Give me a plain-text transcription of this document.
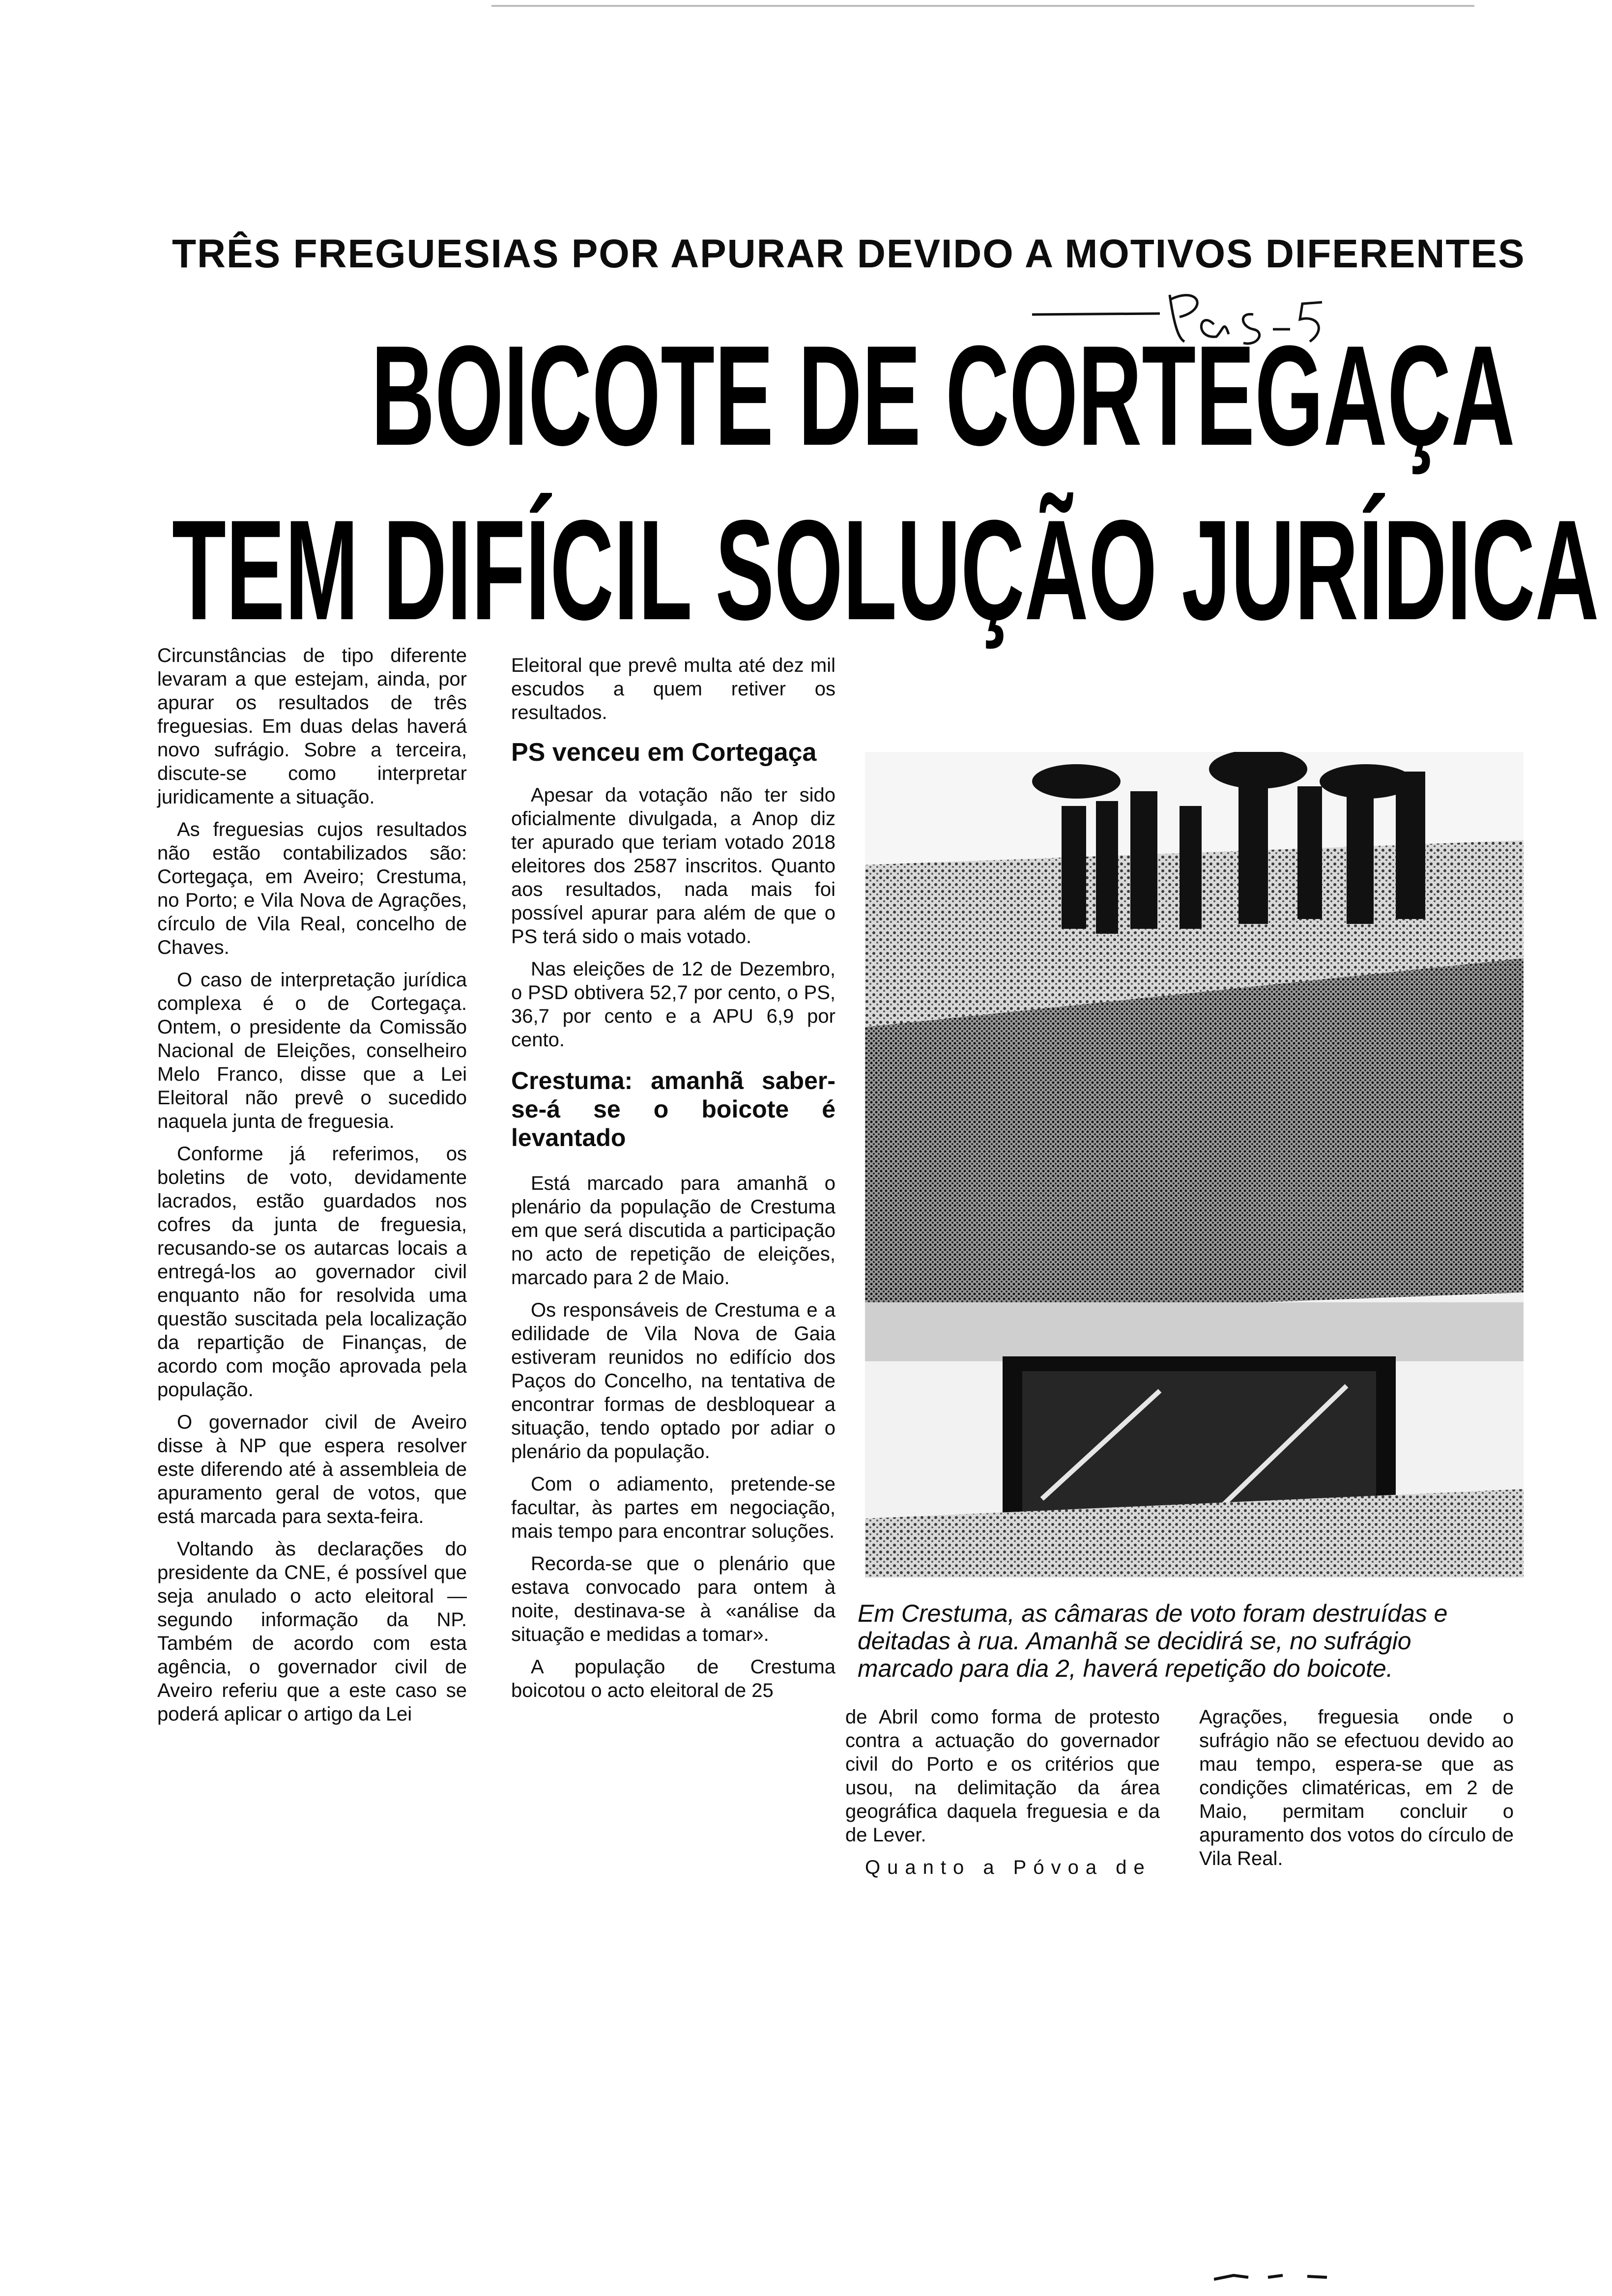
TRÊS FREGUESIAS POR APURAR DEVIDO A MOTIVOS DIFERENTES
BOICOTE DE CORTEGAÇA
TEM DIFÍCIL SOLUÇÃO JURÍDICA

Circunstâncias de tipo diferente levaram a que estejam, ainda, por apurar os resultados de três freguesias. Em duas delas haverá novo sufrágio. Sobre a terceira, discute-se como interpretar juridicamente a situação.

As freguesias cujos resultados não estão contabilizados são: Cortegaça, em Aveiro; Crestuma, no Porto; e Vila Nova de Agrações, círculo de Vila Real, concelho de Chaves.

O caso de interpretação jurídica complexa é o de Cortegaça. Ontem, o presidente da Comissão Nacional de Eleições, conselheiro Melo Franco, disse que a Lei Eleitoral não prevê o sucedido naquela junta de freguesia.

Conforme já referimos, os boletins de voto, devidamente lacrados, estão guardados nos cofres da junta de freguesia, recusando-se os autarcas locais a entregá-los ao governador civil enquanto não for resolvida uma questão suscitada pela localização da repartição de Finanças, de acordo com moção aprovada pela população.

O governador civil de Aveiro disse à NP que espera resolver este diferendo até à assembleia de apuramento geral de votos, que está marcada para sexta-feira.

Voltando às declarações do presidente da CNE, é possível que seja anulado o acto eleitoral — segundo informação da NP. Também de acordo com esta agência, o governador civil de Aveiro referiu que a este caso se poderá aplicar o artigo da Lei

Eleitoral que prevê multa até dez mil escudos a quem retiver os resultados.

PS venceu em Cortegaça

Apesar da votação não ter sido oficialmente divulgada, a Anop diz ter apurado que teriam votado 2018 eleitores dos 2587 inscritos. Quanto aos resultados, nada mais foi possível apurar para além de que o PS terá sido o mais votado.

Nas eleições de 12 de Dezembro, o PSD obtivera 52,7 por cento, o PS, 36,7 por cento e a APU 6,9 por cento.

Crestuma: amanhã saber-se-á se o boicote é levantado

Está marcado para amanhã o plenário da população de Crestuma em que será discutida a participação no acto de repetição de eleições, marcado para 2 de Maio.

Os responsáveis de Crestuma e a edilidade de Vila Nova de Gaia estiveram reunidos no edifício dos Paços do Concelho, na tentativa de encontrar formas de desbloquear a situação, tendo optado por adiar o plenário da população.

Com o adiamento, pretende-se facultar, às partes em negociação, mais tempo para encontrar soluções.

Recorda-se que o plenário que estava convocado para ontem à noite, destinava-se à «análise da situação e medidas a tomar».

A população de Crestuma boicotou o acto eleitoral de 25

Em Crestuma, as câmaras de voto foram destruídas e deitadas à rua. Amanhã se decidirá se, no sufrágio marcado para dia 2, haverá repetição do boicote.

de Abril como forma de protesto contra a actuação do governador civil do Porto e os critérios que usou, na delimitação da área geográfica daquela freguesia e da de Lever.

Quanto a Póvoa de

Agrações, freguesia onde o sufrágio não se efectuou devido ao mau tempo, espera-se que as condições climatéricas, em 2 de Maio, permitam concluir o apuramento dos votos do círculo de Vila Real.
